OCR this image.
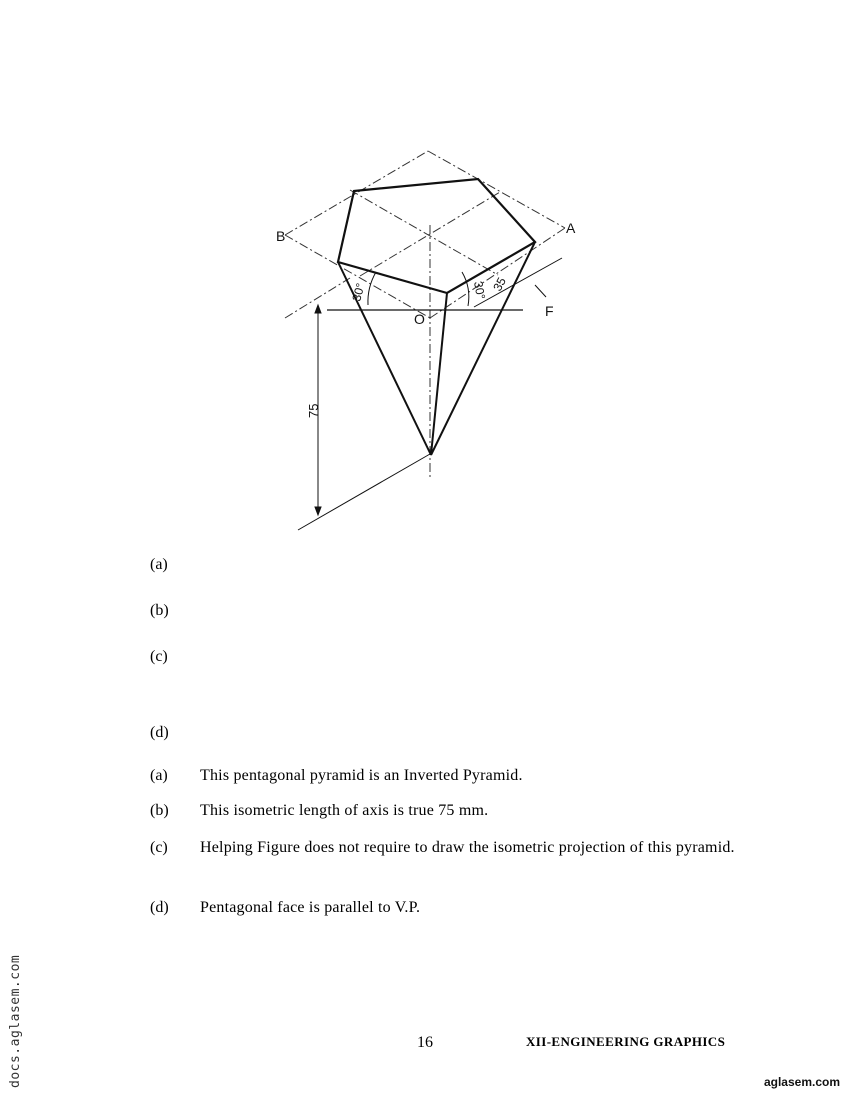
B	A
O	F
30°	30° 35
75
(a)
(b)
(c)
(d)
(a) This pentagonal pyramid is an Inverted Pyramid.
(b) This isometric length of axis is true 75 mm.
(c) Helping Figure does not require to draw the isometric projection of this pyramid.
(d) Pentagonal face is parallel to V.P.
16	XII-ENGINEERING GRAPHICS
docs.aglasem.com	aglasem.com
